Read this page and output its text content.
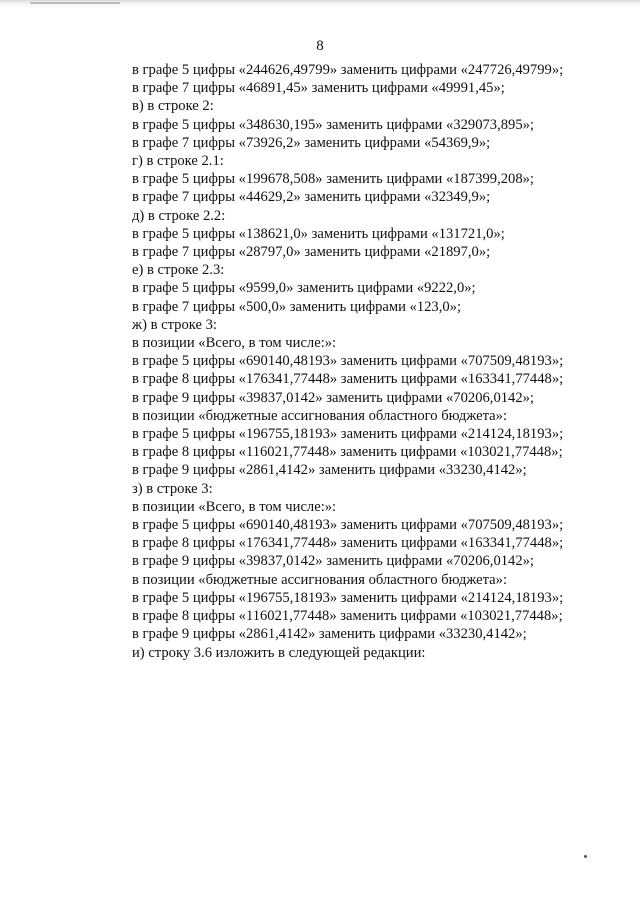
8
в графе 5 цифры «244626,49799» заменить цифрами «247726,49799»;
в графе 7 цифры «46891,45» заменить цифрами «49991,45»;
в) в строке 2:
в графе 5 цифры «348630,195» заменить цифрами «329073,895»;
в графе 7 цифры «73926,2» заменить цифрами «54369,9»;
г) в строке 2.1:
в графе 5 цифры «199678,508» заменить цифрами «187399,208»;
в графе 7 цифры «44629,2» заменить цифрами «32349,9»;
д) в строке 2.2:
в графе 5 цифры «138621,0» заменить цифрами «131721,0»;
в графе 7 цифры «28797,0» заменить цифрами «21897,0»;
е) в строке 2.3:
в графе 5 цифры «9599,0» заменить цифрами «9222,0»;
в графе 7 цифры «500,0» заменить цифрами «123,0»;
ж) в строке 3:
в позиции «Всего, в том числе:»:
в графе 5 цифры «690140,48193» заменить цифрами «707509,48193»;
в графе 8 цифры «176341,77448» заменить цифрами «163341,77448»;
в графе 9 цифры «39837,0142» заменить цифрами «70206,0142»;
в позиции «бюджетные ассигнования областного бюджета»:
в графе 5 цифры «196755,18193» заменить цифрами «214124,18193»;
в графе 8 цифры «116021,77448» заменить цифрами «103021,77448»;
в графе 9 цифры «2861,4142» заменить цифрами «33230,4142»;
з) в строке 3:
в позиции «Всего, в том числе:»:
в графе 5 цифры «690140,48193» заменить цифрами «707509,48193»;
в графе 8 цифры «176341,77448» заменить цифрами «163341,77448»;
в графе 9 цифры «39837,0142» заменить цифрами «70206,0142»;
в позиции «бюджетные ассигнования областного бюджета»:
в графе 5 цифры «196755,18193» заменить цифрами «214124,18193»;
в графе 8 цифры «116021,77448» заменить цифрами «103021,77448»;
в графе 9 цифры «2861,4142» заменить цифрами «33230,4142»;
и) строку 3.6 изложить в следующей редакции:
